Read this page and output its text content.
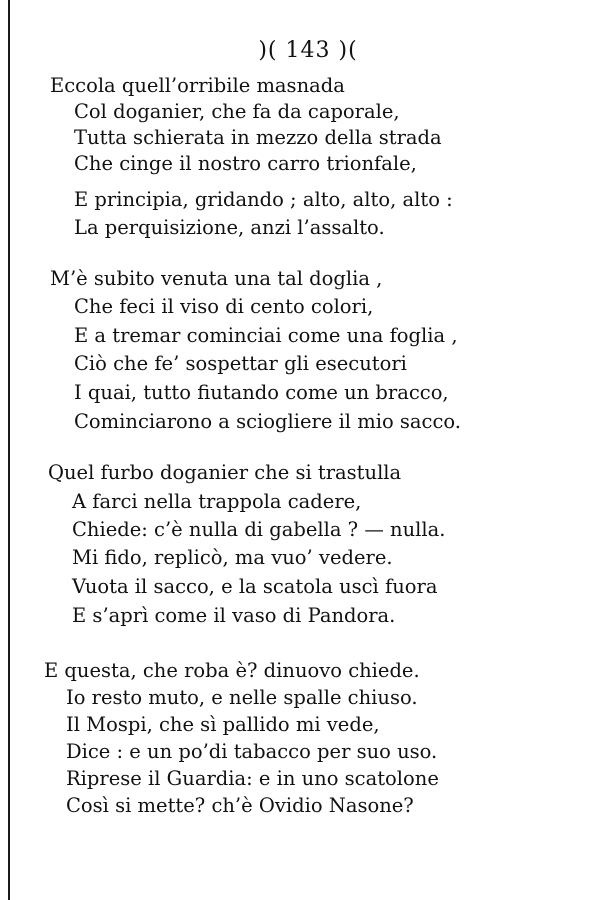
)( 143 )(
Eccola quell’orribile masnada
Col doganier, che fa da caporale,
Tutta schierata in mezzo della strada
Che cinge il nostro carro trionfale,
E principia, gridando ; alto, alto, alto :
La perquisizione, anzi l’assalto.
M’è subito venuta una tal doglia ,
Che feci il viso di cento colori,
E a tremar cominciai come una foglia ,
Ciò che fe’ sospettar gli esecutori
I quai, tutto fiutando come un bracco,
Cominciarono a sciogliere il mio sacco.
Quel furbo doganier che si trastulla
A farci nella trappola cadere,
Chiede: c’è nulla di gabella ? — nulla.
Mi fido, replicò, ma vuo’ vedere.
Vuota il sacco, e la scatola uscì fuora
E s’aprì come il vaso di Pandora.
E questa, che roba è? dinuovo chiede.
Io resto muto, e nelle spalle chiuso.
Il Mospi, che sì pallido mi vede,
Dice : e un po’di tabacco per suo uso.
Riprese il Guardia: e in uno scatolone
Così si mette? ch’è Ovidio Nasone?
